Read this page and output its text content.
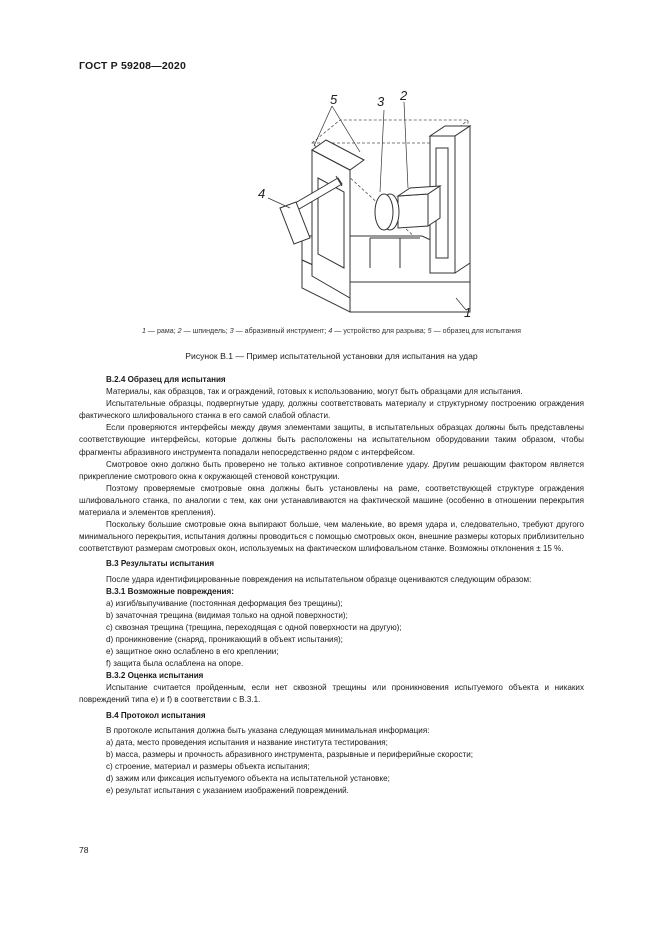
ГОСТ Р 59208—2020
5	3 2
4
1
1 — рама; 2 — шпиндель; 3 — абразивный инструмент; 4 — устройство для разрыва; 5 — образец для испытания
Рисунок В.1 — Пример испытательной установки для испытания на удар
В.2.4 Образец для испытания

Материалы, как образцов, так и ограждений, готовых к использованию, могут быть образцами для испытания.

Испытательные образцы, подвергнутые удару, должны соответствовать материалу и структурному построению ограждения фактического шлифовального станка в его самой слабой области.

Если проверяются интерфейсы между двумя элементами защиты, в испытательных образцах должны быть представлены соответствующие интерфейсы, которые должны быть расположены на испытательном оборудовании таким образом, чтобы фрагменты абразивного инструмента попадали непосредственно рядом с интерфейсом.

Смотровое окно должно быть проверено не только активное сопротивление удару. Другим решающим фактором является прикрепление смотрового окна к окружающей стеновой конструкции.

Поэтому проверяемые смотровые окна должны быть установлены на раме, соответствующей структуре ограждения шлифовального станка, по аналогии с тем, как они устанавливаются на фактической машине (особенно в отношении перекрытия материала и элементов крепления).

Поскольку большие смотровые окна выпирают больше, чем маленькие, во время удара и, следовательно, требуют другого минимального перекрытия, испытания должны проводиться с помощью смотровых окон, внешние размеры которых приблизительно соответствуют размерам смотровых окон, используемых на фактическом шлифовальном станке. Возможны отклонения ± 15 %.

В.3 Результаты испытания

После удара идентифицированные повреждения на испытательном образце оцениваются следующим образом:

В.3.1 Возможные повреждения:

a) изгиб/выпучивание (постоянная деформация без трещины);

b) зачаточная трещина (видимая только на одной поверхности);

c) сквозная трещина (трещина, переходящая с одной поверхности на другую);

d) проникновение (снаряд, проникающий в объект испытания);

e) защитное окно ослаблено в его креплении;

f) защита была ослаблена на опоре.

В.3.2 Оценка испытания

Испытание считается пройденным, если нет сквозной трещины или проникновения испытуемого объекта и никаких повреждений типа е) и f) в соответствии с В.3.1.

В.4 Протокол испытания

В протоколе испытания должна быть указана следующая минимальная информация:

a) дата, место проведения испытания и название института тестирования;

b) масса, размеры и прочность абразивного инструмента, разрывные и периферийные скорости;

c) строение, материал и размеры объекта испытания;

d) зажим или фиксация испытуемого объекта на испытательной установке;

e) результат испытания с указанием изображений повреждений.

78
